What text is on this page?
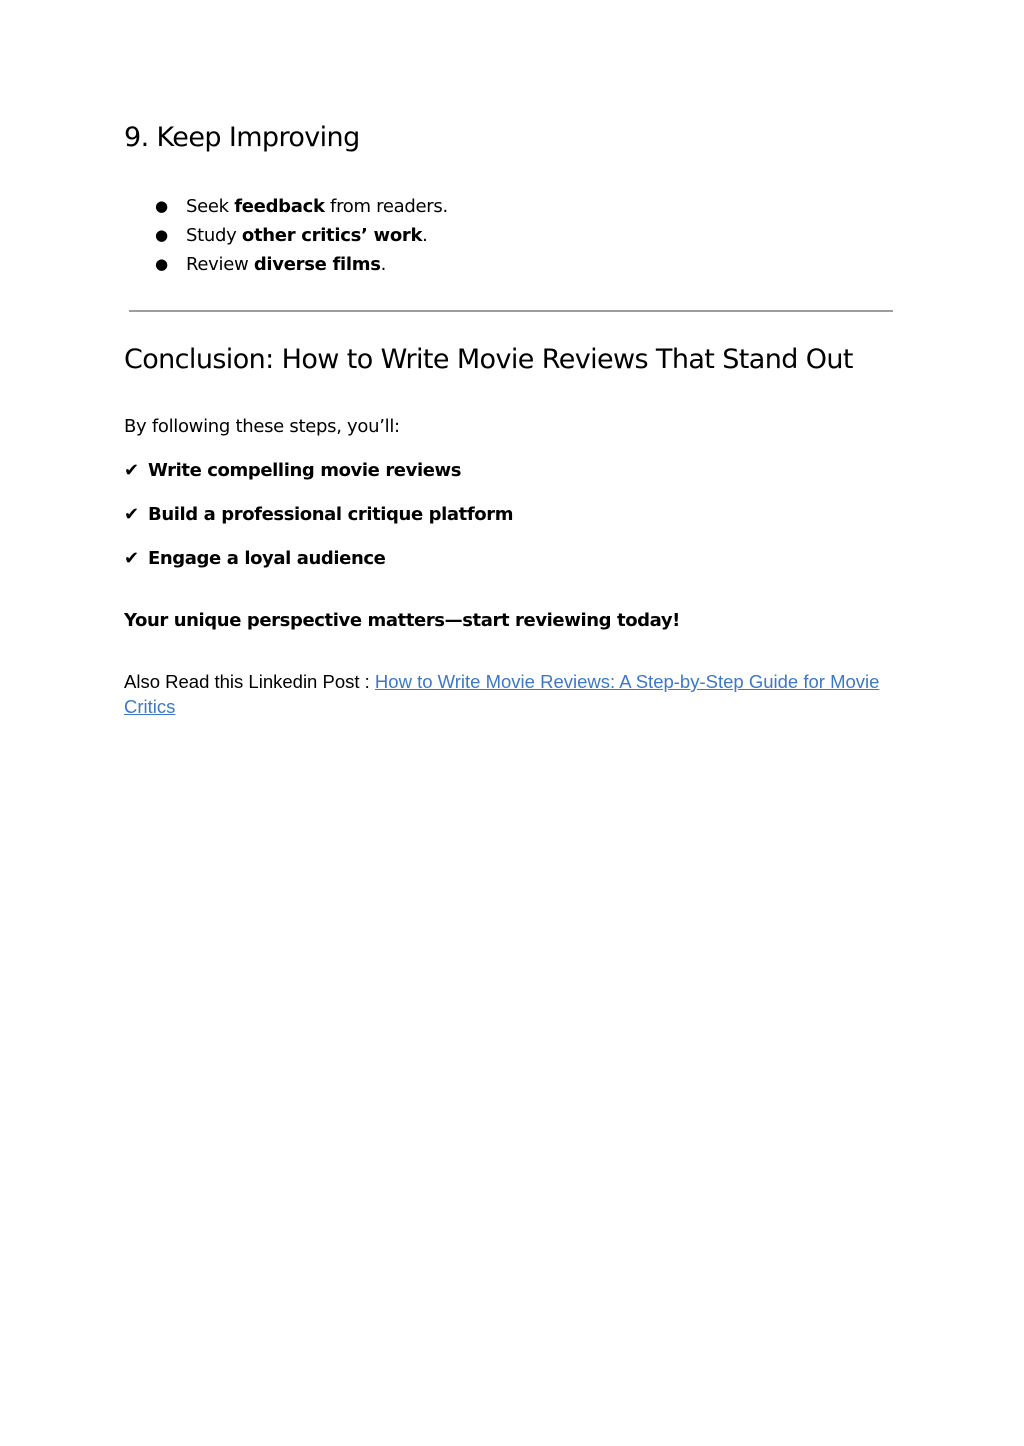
9. Keep Improving
● Seek feedback from readers.
● Study other critics’ work.
● Review diverse films.
Conclusion: How to Write Movie Reviews That Stand Out

By following these steps, you’ll:

✔ Write compelling movie reviews
✔ Build a professional critique platform
✔ Engage a loyal audience

Your unique perspective matters—start reviewing today!

Also Read this Linkedin Post : How to Write Movie Reviews: A Step-by-Step Guide for Movie Critics
